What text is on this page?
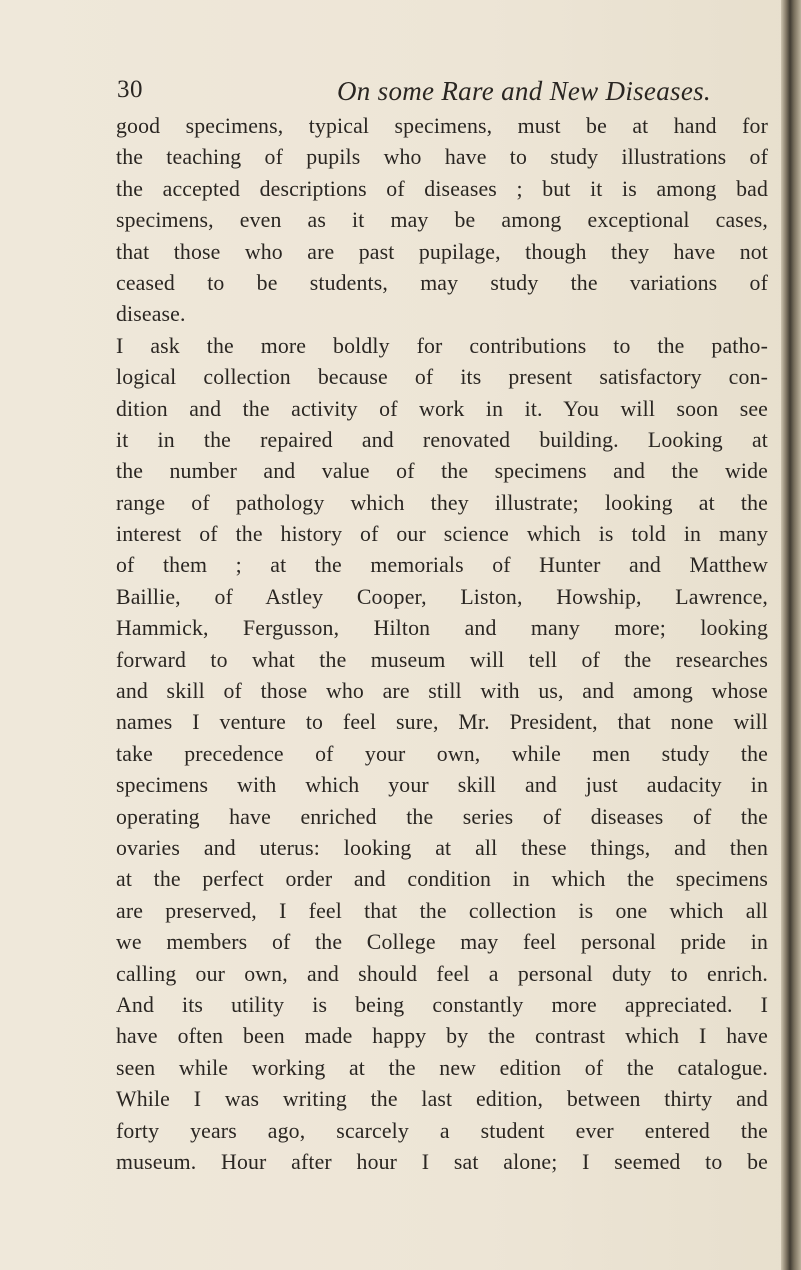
30	On some Rare and New Diseases.
good specimens, typical specimens, must be at hand for
the teaching of pupils who have to study illustrations of
the accepted descriptions of diseases ; but it is among bad
specimens, even as it may be among exceptional cases,
that those who are past pupilage, though they have not
ceased to be students, may study the variations of
disease.
I ask the more boldly for contributions to the patho-
logical collection because of its present satisfactory con-
dition and the activity of work in it. You will soon see
it in the repaired and renovated building. Looking at
the number and value of the specimens and the wide
range of pathology which they illustrate; looking at the
interest of the history of our science which is told in many
of them ; at the memorials of Hunter and Matthew
Baillie, of Astley Cooper, Liston, Howship, Lawrence,
Hammick, Fergusson, Hilton and many more; looking
forward to what the museum will tell of the researches
and skill of those who are still with us, and among whose
names I venture to feel sure, Mr. President, that none will
take precedence of your own, while men study the
specimens with which your skill and just audacity in
operating have enriched the series of diseases of the
ovaries and uterus: looking at all these things, and then
at the perfect order and condition in which the specimens
are preserved, I feel that the collection is one which all
we members of the College may feel personal pride in
calling our own, and should feel a personal duty to enrich.
And its utility is being constantly more appreciated. I
have often been made happy by the contrast which I have
seen while working at the new edition of the catalogue.
While I was writing the last edition, between thirty and
forty years ago, scarcely a student ever entered the
museum. Hour after hour I sat alone; I seemed to be
